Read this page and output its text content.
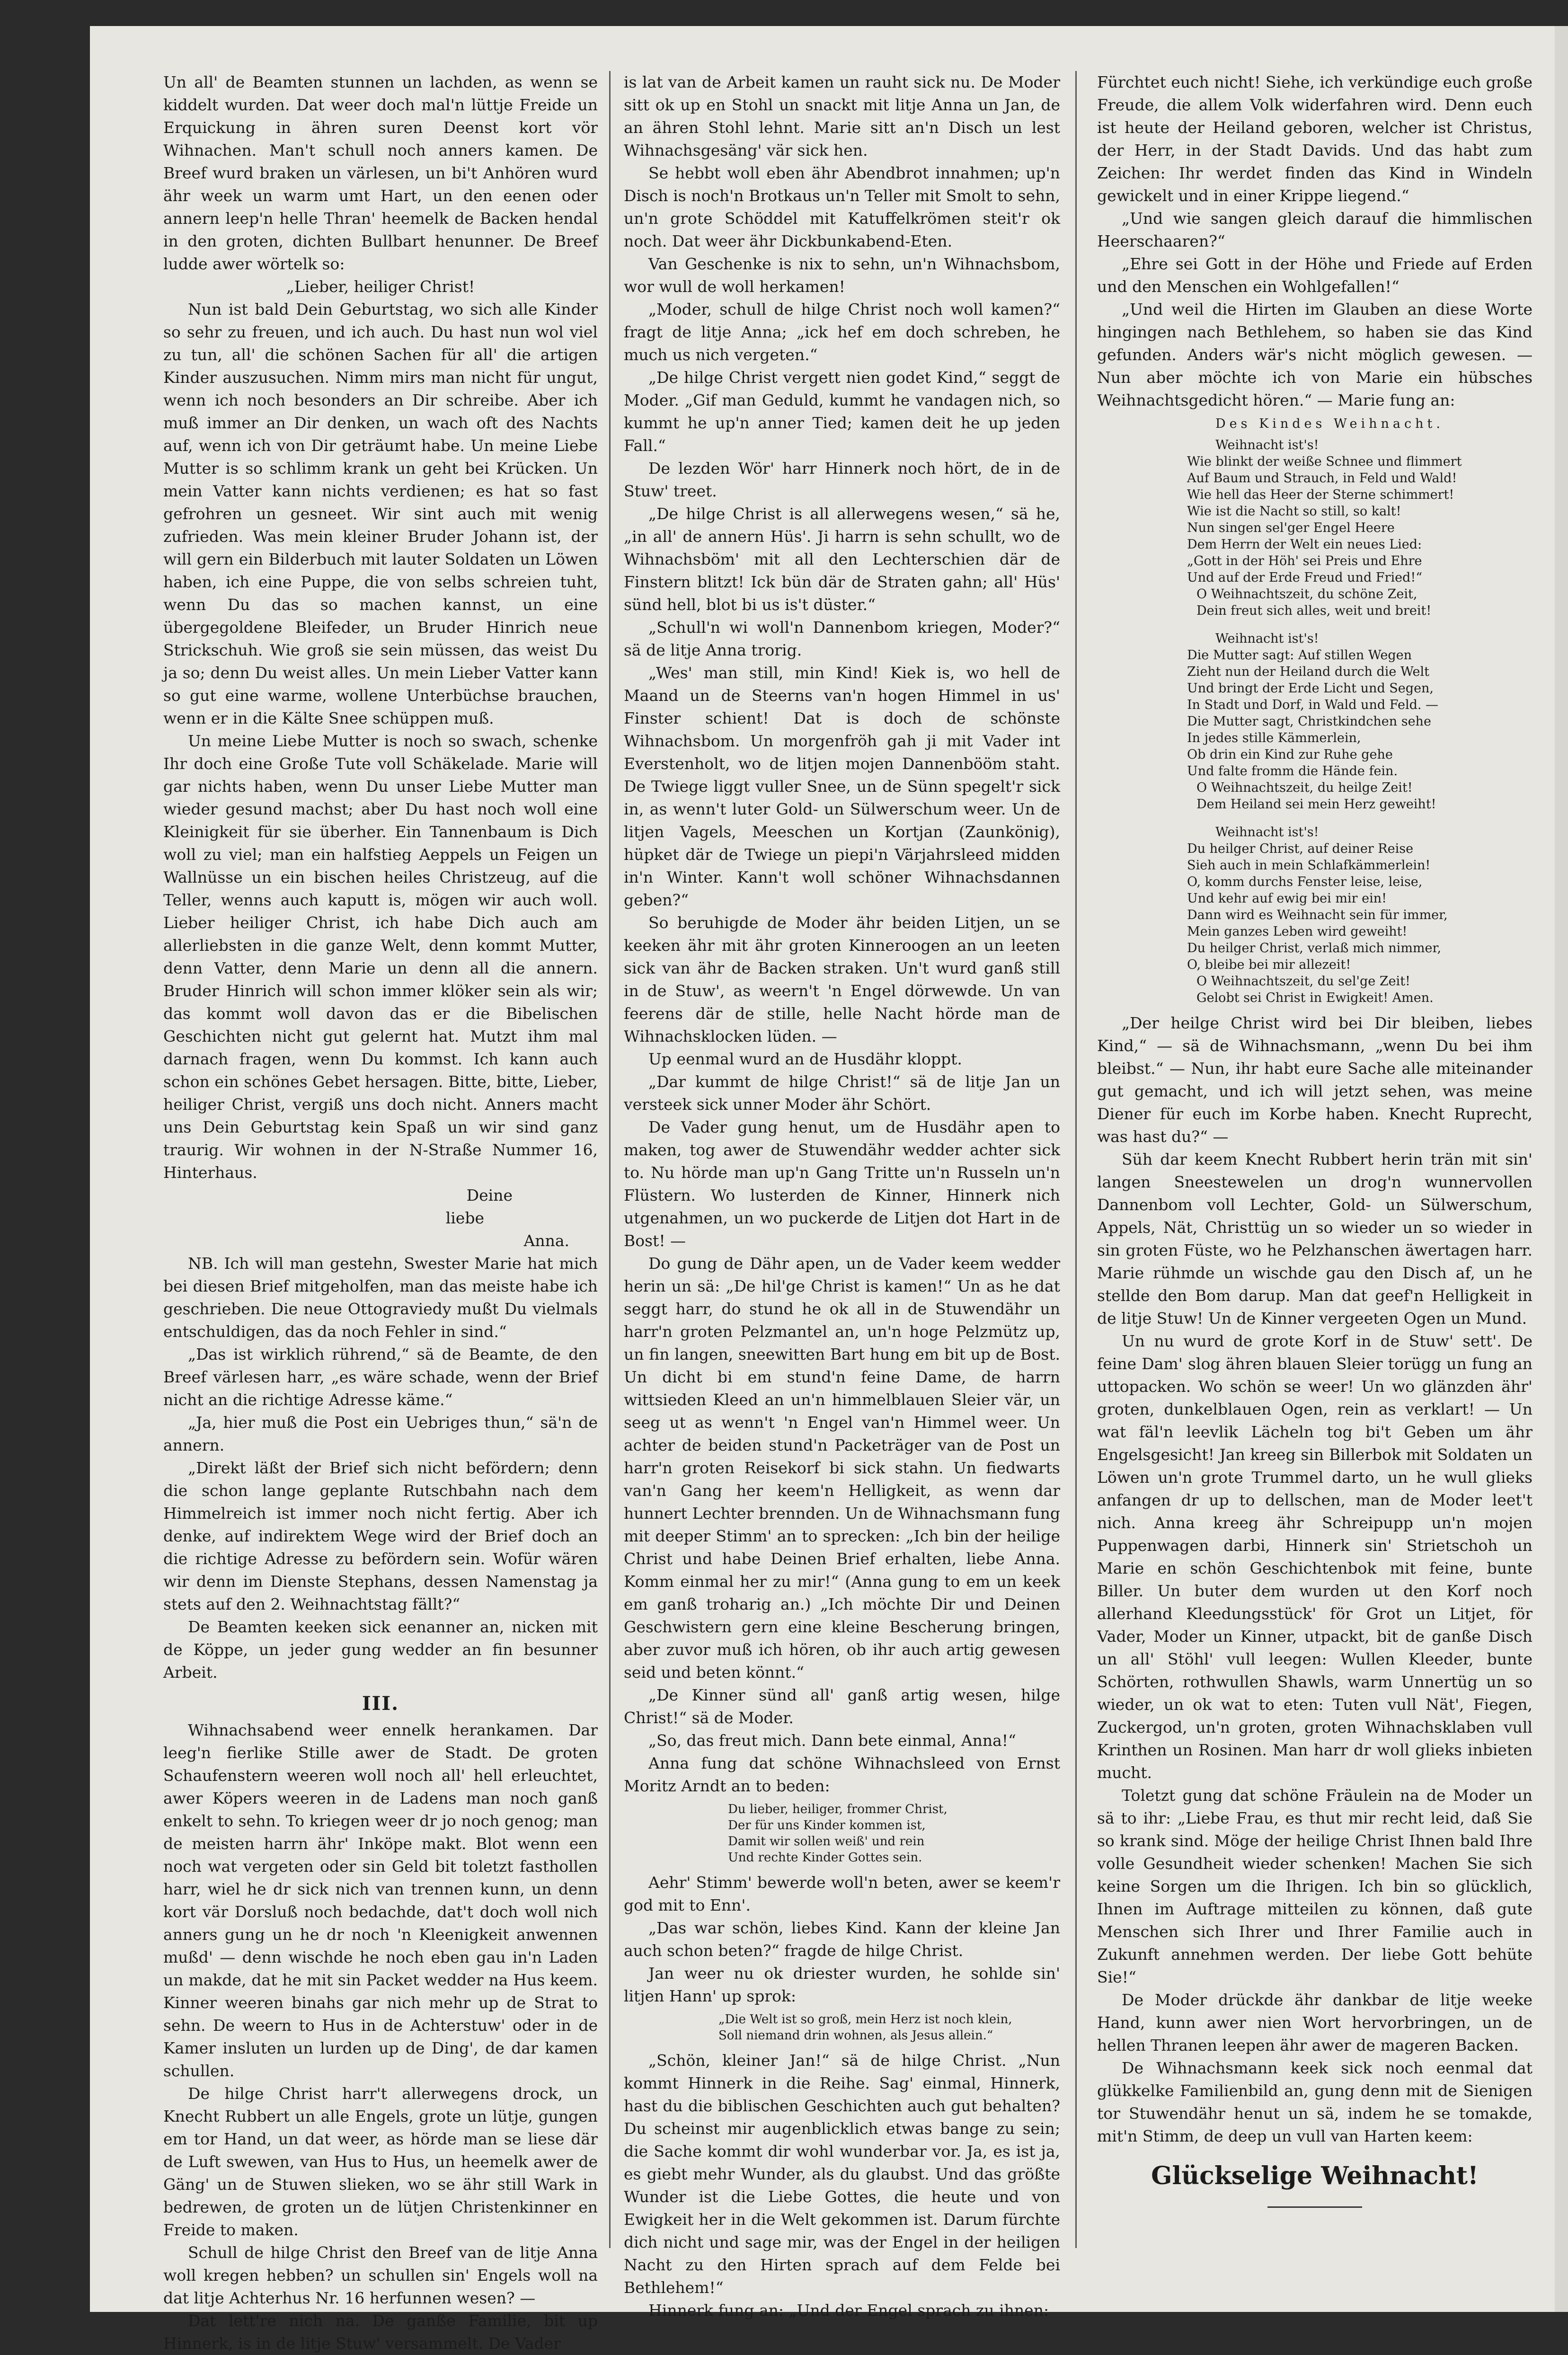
Un all' de Beamten stunnen un lachden, as wenn se kiddelt wurden. Dat weer doch mal'n lüttje Freide un Erquickung in ähren suren Deenst kort vör Wihnachen. Man't schull noch anners kamen. De Breef wurd braken un värlesen, un bi't Anhören wurd ähr week un warm umt Hart, un den eenen oder annern leep'n helle Thran' heemelk de Backen hendal in den groten, dichten Bullbart henunner. De Breef ludde awer wörtelk so:

„Lieber, heiliger Christ!

Nun ist bald Dein Geburtstag, wo sich alle Kinder so sehr zu freuen, und ich auch. Du hast nun wol viel zu tun, all' die schönen Sachen für all' die artigen Kinder auszusuchen. Nimm mirs man nicht für ungut, wenn ich noch besonders an Dir schreibe. Aber ich muß immer an Dir denken, un wach oft des Nachts auf, wenn ich von Dir geträumt habe. Un meine Liebe Mutter is so schlimm krank un geht bei Krücken. Un mein Vatter kann nichts verdienen; es hat so fast gefrohren un gesneet. Wir sint auch mit wenig zufrieden. Was mein kleiner Bruder Johann ist, der will gern ein Bilderbuch mit lauter Soldaten un Löwen haben, ich eine Puppe, die von selbs schreien tuht, wenn Du das so machen kannst, un eine übergegoldene Bleifeder, un Bruder Hinrich neue Strickschuh. Wie groß sie sein müssen, das weist Du ja so; denn Du weist alles. Un mein Lieber Vatter kann so gut eine warme, wollene Unterbüchse brauchen, wenn er in die Kälte Snee schüppen muß.

Un meine Liebe Mutter is noch so swach, schenke Ihr doch eine Große Tute voll Schäkelade. Marie will gar nichts haben, wenn Du unser Liebe Mutter man wieder gesund machst; aber Du hast noch woll eine Kleinigkeit für sie überher. Ein Tannenbaum is Dich woll zu viel; man ein halfstieg Aeppels un Feigen un Wallnüsse un ein bischen heiles Christzeug, auf die Teller, wenns auch kaputt is, mögen wir auch woll. Lieber heiliger Christ, ich habe Dich auch am allerliebsten in die ganze Welt, denn kommt Mutter, denn Vatter, denn Marie un denn all die annern. Bruder Hinrich will schon immer klöker sein als wir; das kommt woll davon das er die Bibelischen Geschichten nicht gut gelernt hat. Mutzt ihm mal darnach fragen, wenn Du kommst. Ich kann auch schon ein schönes Gebet hersagen. Bitte, bitte, Lieber, heiliger Christ, vergiß uns doch nicht. Anners macht uns Dein Geburtstag kein Spaß un wir sind ganz traurig. Wir wohnen in der N-Straße Nummer 16, Hinterhaus.

Deine

liebe

Anna.

NB. Ich will man gestehn, Swester Marie hat mich bei diesen Brief mitgeholfen, man das meiste habe ich geschrieben. Die neue Ottograviedy mußt Du vielmals entschuldigen, das da noch Fehler in sind.“

„Das ist wirklich rührend,“ sä de Beamte, de den Breef värlesen harr, „es wäre schade, wenn der Brief nicht an die richtige Adresse käme.“

„Ja, hier muß die Post ein Uebriges thun,“ sä'n de annern.

„Direkt läßt der Brief sich nicht befördern; denn die schon lange geplante Rutschbahn nach dem Himmelreich ist immer noch nicht fertig. Aber ich denke, auf indirektem Wege wird der Brief doch an die richtige Adresse zu befördern sein. Wofür wären wir denn im Dienste Stephans, dessen Namenstag ja stets auf den 2. Weihnachtstag fällt?“

De Beamten keeken sick eenanner an, nicken mit de Köppe, un jeder gung wedder an fin besunner Arbeit.

III.

Wihnachsabend weer ennelk herankamen. Dar leeg'n fierlike Stille awer de Stadt. De groten Schaufenstern weeren woll noch all' hell erleuchtet, awer Köpers weeren in de Ladens man noch ganß enkelt to sehn. To kriegen weer dr jo noch genog; man de meisten harrn ähr' Inköpe makt. Blot wenn een noch wat vergeten oder sin Geld bit toletzt fasthollen harr, wiel he dr sick nich van trennen kunn, un denn kort vär Dorsluß noch bedachde, dat't doch woll nich anners gung un he dr noch 'n Kleenigkeit anwennen mußd' — denn wischde he noch eben gau in'n Laden un makde, dat he mit sin Packet wedder na Hus keem. Kinner weeren binahs gar nich mehr up de Strat to sehn. De weern to Hus in de Achterstuw' oder in de Kamer insluten un lurden up de Ding', de dar kamen schullen.

De hilge Christ harr't allerwegens drock, un Knecht Rubbert un alle Engels, grote un lütje, gungen em tor Hand, un dat weer, as hörde man se liese där de Luft swewen, van Hus to Hus, un heemelk awer de Gäng' un de Stuwen slieken, wo se ähr still Wark in bedrewen, de groten un de lütjen Christenkinner en Freide to maken.

Schull de hilge Christ den Breef van de litje Anna woll kregen hebben? un schullen sin' Engels woll na dat litje Achterhus Nr. 16 herfunnen wesen? —

Dat lett're nich na. De ganße Familie, bit up Hinnerk, is in de litje Stuw' versammelt. De Vader

is lat van de Arbeit kamen un rauht sick nu. De Moder sitt ok up en Stohl un snackt mit litje Anna un Jan, de an ähren Stohl lehnt. Marie sitt an'n Disch un lest Wihnachsgesäng' vär sick hen.

Se hebbt woll eben ähr Abendbrot innahmen; up'n Disch is noch'n Brotkaus un'n Teller mit Smolt to sehn, un'n grote Schöddel mit Katuffelkrömen steit'r ok noch. Dat weer ähr Dickbunkabend-Eten.

Van Geschenke is nix to sehn, un'n Wihnachsbom, wor wull de woll herkamen!

„Moder, schull de hilge Christ noch woll kamen?“ fragt de litje Anna; „ick hef em doch schreben, he much us nich vergeten.“

„De hilge Christ vergett nien godet Kind,“ seggt de Moder. „Gif man Geduld, kummt he vandagen nich, so kummt he up'n anner Tied; kamen deit he up jeden Fall.“

De lezden Wör' harr Hinnerk noch hört, de in de Stuw' treet.

„De hilge Christ is all allerwegens wesen,“ sä he, „in all' de annern Hüs'. Ji harrn is sehn schullt, wo de Wihnachsböm' mit all den Lechterschien där de Finstern blitzt! Ick bün där de Straten gahn; all' Hüs' sünd hell, blot bi us is't düster.“

„Schull'n wi woll'n Dannenbom kriegen, Moder?“ sä de litje Anna trorig.

„Wes' man still, min Kind! Kiek is, wo hell de Maand un de Steerns van'n hogen Himmel in us' Finster schient! Dat is doch de schönste Wihnachsbom. Un morgenfröh gah ji mit Vader int Everstenholt, wo de litjen mojen Dannenbööm staht. De Twiege liggt vuller Snee, un de Sünn spegelt'r sick in, as wenn't luter Gold- un Sülwerschum weer. Un de litjen Vagels, Meeschen un Kortjan (Zaunkönig), hüpket där de Twiege un piepi'n Värjahrsleed midden in'n Winter. Kann't woll schöner Wihnachsdannen geben?“

So beruhigde de Moder ähr beiden Litjen, un se keeken ähr mit ähr groten Kinneroogen an un leeten sick van ähr de Backen straken. Un't wurd ganß still in de Stuw', as weern't 'n Engel dörwewde. Un van feerens där de stille, helle Nacht hörde man de Wihnachsklocken lüden. —

Up eenmal wurd an de Husdähr kloppt.

„Dar kummt de hilge Christ!“ sä de litje Jan un versteek sick unner Moder ähr Schört.

De Vader gung henut, um de Husdähr apen to maken, tog awer de Stuwendähr wedder achter sick to. Nu hörde man up'n Gang Tritte un'n Russeln un'n Flüstern. Wo lusterden de Kinner, Hinnerk nich utgenahmen, un wo puckerde de Litjen dot Hart in de Bost! —

Do gung de Dähr apen, un de Vader keem wedder herin un sä: „De hil'ge Christ is kamen!“ Un as he dat seggt harr, do stund he ok all in de Stuwendähr un harr'n groten Pelzmantel an, un'n hoge Pelzmütz up, un fin langen, sneewitten Bart hung em bit up de Bost. Un dicht bi em stund'n feine Dame, de harrn wittsieden Kleed an un'n himmelblauen Sleier vär, un seeg ut as wenn't 'n Engel van'n Himmel weer. Un achter de beiden stund'n Packeträger van de Post un harr'n groten Reisekorf bi sick stahn. Un fiedwarts van'n Gang her keem'n Helligkeit, as wenn dar hunnert Lechter brennden. Un de Wihnachsmann fung mit deeper Stimm' an to sprecken: „Ich bin der heilige Christ und habe Deinen Brief erhalten, liebe Anna. Komm einmal her zu mir!“ (Anna gung to em un keek em ganß troharig an.) „Ich möchte Dir und Deinen Geschwistern gern eine kleine Bescherung bringen, aber zuvor muß ich hören, ob ihr auch artig gewesen seid und beten könnt.“

„De Kinner sünd all' ganß artig wesen, hilge Christ!“ sä de Moder.

„So, das freut mich. Dann bete einmal, Anna!“

Anna fung dat schöne Wihnachsleed von Ernst Moritz Arndt an to beden:

Du lieber, heiliger, frommer Christ,
Der für uns Kinder kommen ist,
Damit wir sollen weiß' und rein
Und rechte Kinder Gottes sein.

Aehr' Stimm' bewerde woll'n beten, awer se keem'r god mit to Enn'.

„Das war schön, liebes Kind. Kann der kleine Jan auch schon beten?“ fragde de hilge Christ.

Jan weer nu ok driester wurden, he sohlde sin' litjen Hann' up sprok:

„Die Welt ist so groß, mein Herz ist noch klein,
Soll niemand drin wohnen, als Jesus allein.“

„Schön, kleiner Jan!“ sä de hilge Christ. „Nun kommt Hinnerk in die Reihe. Sag' einmal, Hinnerk, hast du die biblischen Geschichten auch gut behalten? Du scheinst mir augenblicklich etwas bange zu sein; die Sache kommt dir wohl wunderbar vor. Ja, es ist ja, es giebt mehr Wunder, als du glaubst. Und das größte Wunder ist die Liebe Gottes, die heute und von Ewigkeit her in die Welt gekommen ist. Darum fürchte dich nicht und sage mir, was der Engel in der heiligen Nacht zu den Hirten sprach auf dem Felde bei Bethlehem!“

Hinnerk fung an: „Und der Engel sprach zu ihnen:

Fürchtet euch nicht! Siehe, ich verkündige euch große Freude, die allem Volk widerfahren wird. Denn euch ist heute der Heiland geboren, welcher ist Christus, der Herr, in der Stadt Davids. Und das habt zum Zeichen: Ihr werdet finden das Kind in Windeln gewickelt und in einer Krippe liegend.“

„Und wie sangen gleich darauf die himmlischen Heerschaaren?“

„Ehre sei Gott in der Höhe und Friede auf Erden und den Menschen ein Wohlgefallen!“

„Und weil die Hirten im Glauben an diese Worte hingingen nach Bethlehem, so haben sie das Kind gefunden. Anders wär's nicht möglich gewesen. — Nun aber möchte ich von Marie ein hübsches Weihnachtsgedicht hören.“ — Marie fung an:

Des Kindes Weihnacht.
Weihnacht ist's!
Wie blinkt der weiße Schnee und flimmert
Auf Baum und Strauch, in Feld und Wald!
Wie hell das Heer der Sterne schimmert!
Wie ist die Nacht so still, so kalt!
Nun singen sel'ger Engel Heere
Dem Herrn der Welt ein neues Lied:
„Gott in der Höh' sei Preis und Ehre
Und auf der Erde Freud und Fried!“
O Weihnachtszeit, du schöne Zeit,
Dein freut sich alles, weit und breit!
Weihnacht ist's!
Die Mutter sagt: Auf stillen Wegen
Zieht nun der Heiland durch die Welt
Und bringt der Erde Licht und Segen,
In Stadt und Dorf, in Wald und Feld. —
Die Mutter sagt, Christkindchen sehe
In jedes stille Kämmerlein,
Ob drin ein Kind zur Ruhe gehe
Und falte fromm die Hände fein.
O Weihnachtszeit, du heilge Zeit!
Dem Heiland sei mein Herz geweiht!
Weihnacht ist's!
Du heilger Christ, auf deiner Reise
Sieh auch in mein Schlafkämmerlein!
O, komm durchs Fenster leise, leise,
Und kehr auf ewig bei mir ein!
Dann wird es Weihnacht sein für immer,
Mein ganzes Leben wird geweiht!
Du heilger Christ, verlaß mich nimmer,
O, bleibe bei mir allezeit!
O Weihnachtszeit, du sel'ge Zeit!
Gelobt sei Christ in Ewigkeit! Amen.

„Der heilge Christ wird bei Dir bleiben, liebes Kind,“ — sä de Wihnachsmann, „wenn Du bei ihm bleibst.“ — Nun, ihr habt eure Sache alle miteinander gut gemacht, und ich will jetzt sehen, was meine Diener für euch im Korbe haben. Knecht Ruprecht, was hast du?“ —

Süh dar keem Knecht Rubbert herin trän mit sin' langen Sneestewelen un drog'n wunnervollen Dannenbom voll Lechter, Gold- un Sülwerschum, Appels, Nät, Christtüg un so wieder un so wieder in sin groten Füste, wo he Pelzhanschen äwertagen harr. Marie rühmde un wischde gau den Disch af, un he stellde den Bom darup. Man dat geef'n Helligkeit in de litje Stuw! Un de Kinner vergeeten Ogen un Mund.

Un nu wurd de grote Korf in de Stuw' sett'. De feine Dam' slog ähren blauen Sleier torügg un fung an uttopacken. Wo schön se weer! Un wo glänzden ähr' groten, dunkelblauen Ogen, rein as verklart! — Un wat fäl'n leevlik Lächeln tog bi't Geben um ähr Engelsgesicht! Jan kreeg sin Billerbok mit Soldaten un Löwen un'n grote Trummel darto, un he wull glieks anfangen dr up to dellschen, man de Moder leet't nich. Anna kreeg ähr Schreipupp un'n mojen Puppenwagen darbi, Hinnerk sin' Strietschoh un Marie en schön Geschichtenbok mit feine, bunte Biller. Un buter dem wurden ut den Korf noch allerhand Kleedungsstück' för Grot un Litjet, för Vader, Moder un Kinner, utpackt, bit de ganße Disch un all' Stöhl' vull leegen: Wullen Kleeder, bunte Schörten, rothwullen Shawls, warm Unnertüg un so wieder, un ok wat to eten: Tuten vull Nät', Fiegen, Zuckergod, un'n groten, groten Wihnachsklaben vull Krinthen un Rosinen. Man harr dr woll glieks inbieten mucht.

Toletzt gung dat schöne Fräulein na de Moder un sä to ihr: „Liebe Frau, es thut mir recht leid, daß Sie so krank sind. Möge der heilige Christ Ihnen bald Ihre volle Gesundheit wieder schenken! Machen Sie sich keine Sorgen um die Ihrigen. Ich bin so glücklich, Ihnen im Auftrage mitteilen zu können, daß gute Menschen sich Ihrer und Ihrer Familie auch in Zukunft annehmen werden. Der liebe Gott behüte Sie!“

De Moder drückde ähr dankbar de litje weeke Hand, kunn awer nien Wort hervorbringen, un de hellen Thranen leepen ähr awer de mageren Backen.

De Wihnachsmann keek sick noch eenmal dat glükkelke Familienbild an, gung denn mit de Sienigen tor Stuwendähr henut un sä, indem he se tomakde, mit'n Stimm, de deep un vull van Harten keem:

Glückselige Weihnacht!
